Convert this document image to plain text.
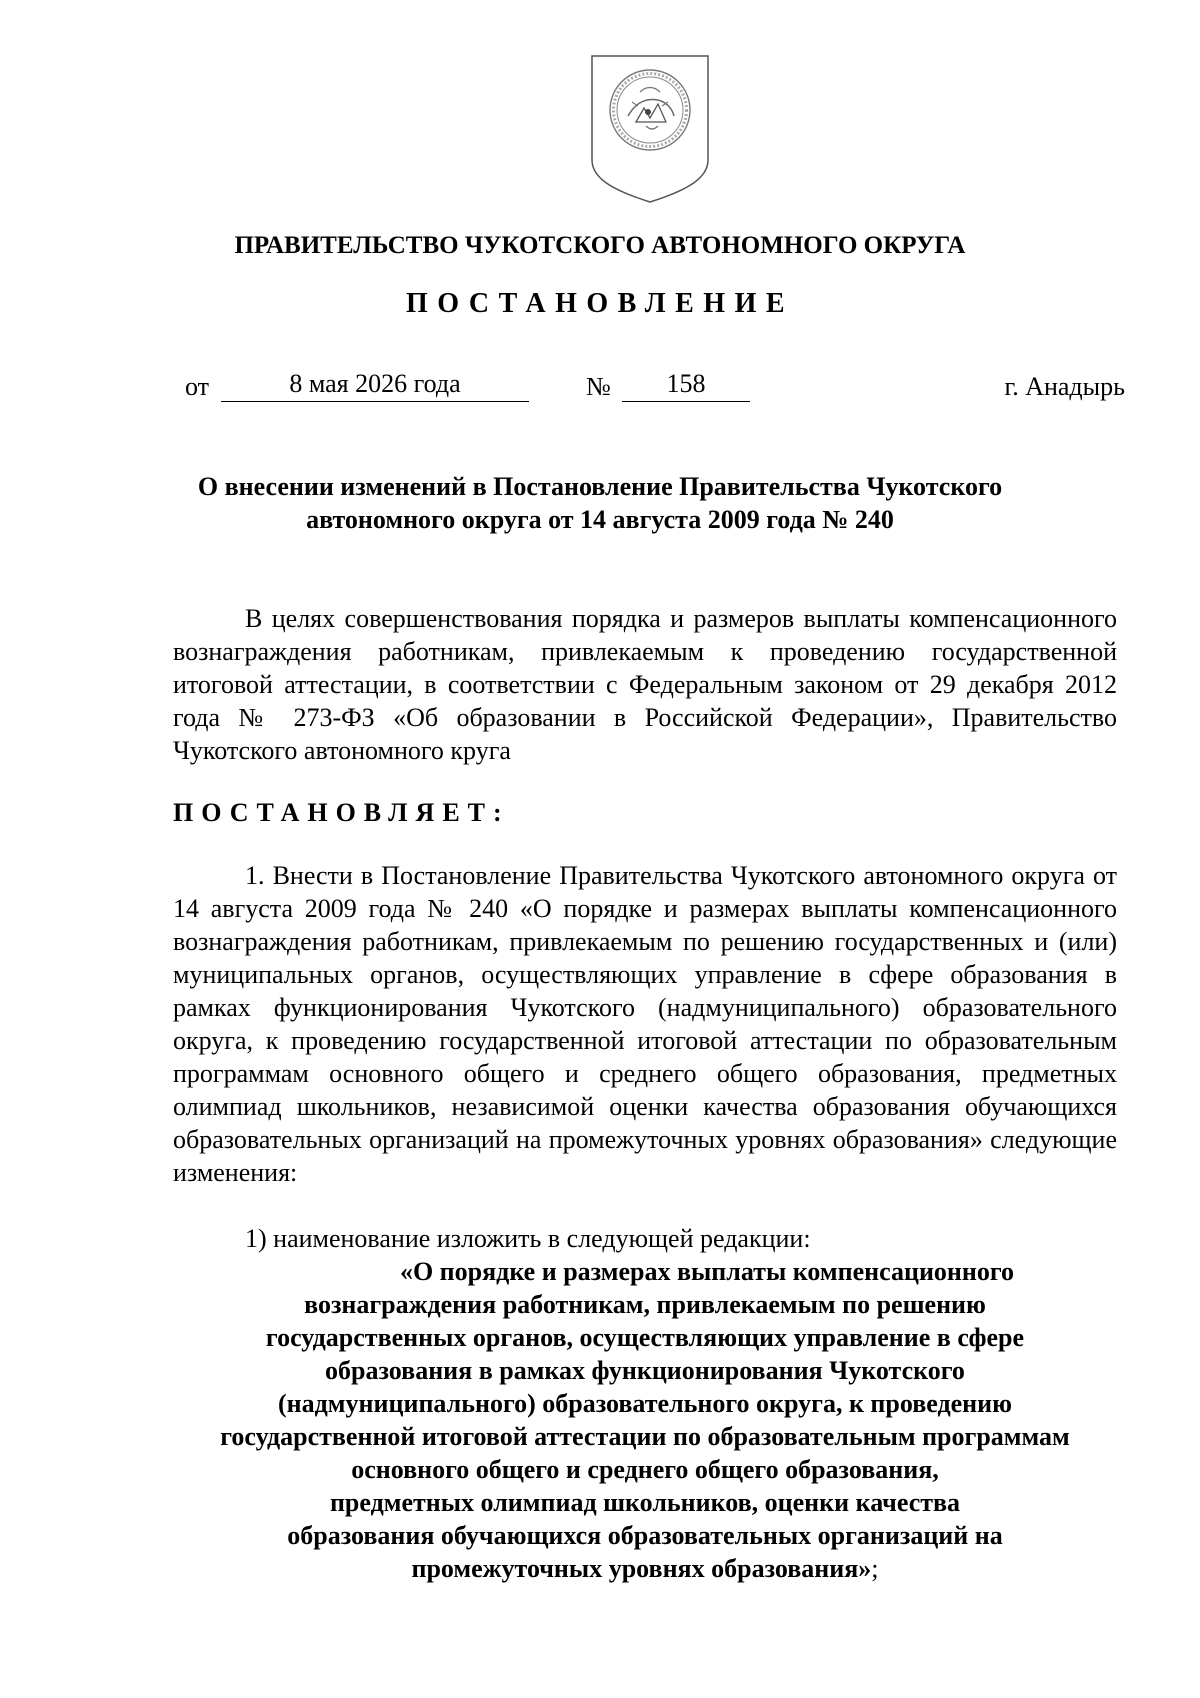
ПРАВИТЕЛЬСТВО ЧУКОТСКОГО АВТОНОМНОГО ОКРУГА
ПОСТАНОВЛЕНИЕ
от	8 мая 2026 года	№	158	г. Анадырь
О внесении изменений в Постановление Правительства Чукотского
автономного округа от 14 августа 2009 года № 240

В целях совершенствования порядка и размеров выплаты компенсационного вознаграждения работникам, привлекаемым к проведению государственной итоговой аттестации, в соответствии с Федеральным законом от 29 декабря 2012 года № 273-ФЗ «Об образовании в Российской Федерации», Правительство Чукотского автономного круга

ПОСТАНОВЛЯЕТ:

1. Внести в Постановление Правительства Чукотского автономного округа от 14 августа 2009 года № 240 «О порядке и размерах выплаты компенсационного вознаграждения работникам, привлекаемым по решению государственных и (или) муниципальных органов, осуществляющих управление в сфере образования в рамках функционирования Чукотского (надмуниципального) образовательного округа, к проведению государственной итоговой аттестации по образовательным программам основного общего и среднего общего образования, предметных олимпиад школьников, независимой оценки качества образования обучающихся образовательных организаций на промежуточных уровнях образования» следующие изменения:

1) наименование изложить в следующей редакции:
«О порядке и размерах выплаты компенсационного
вознаграждения работникам, привлекаемым по решению
государственных органов, осуществляющих управление в сфере
образования в рамках функционирования Чукотского
(надмуниципального) образовательного округа, к проведению
государственной итоговой аттестации по образовательным программам
основного общего и среднего общего образования,
предметных олимпиад школьников, оценки качества
образования обучающихся образовательных организаций на
промежуточных уровнях образования»;
